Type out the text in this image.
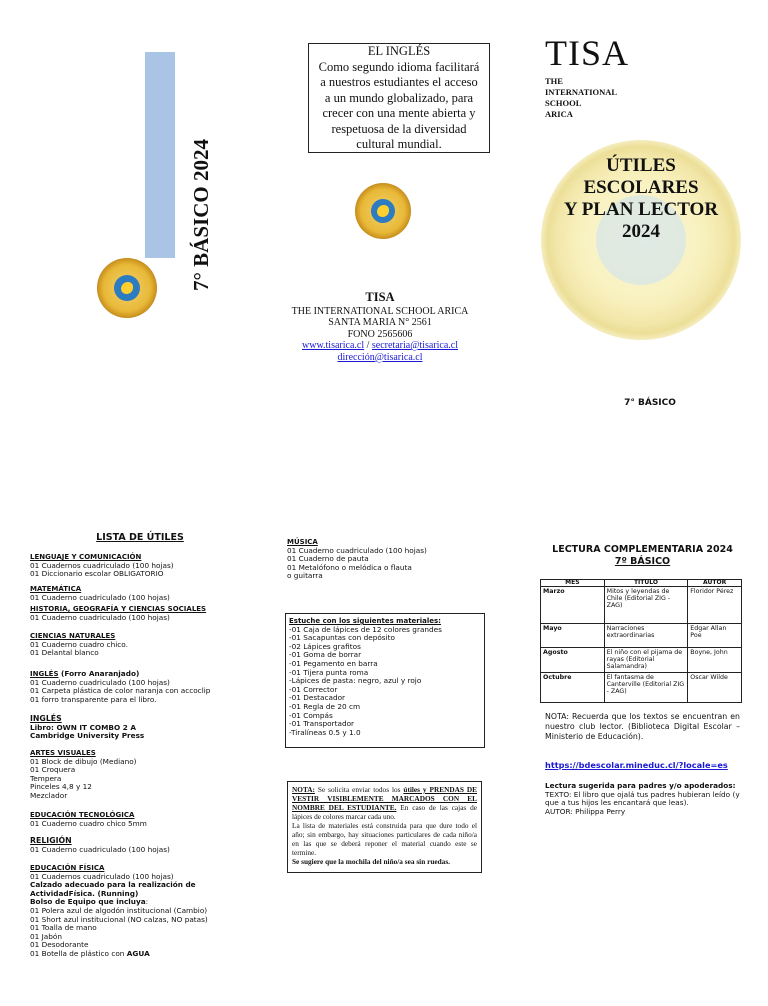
7° BÁSICO 2024
EL INGLÉS
Como segundo idioma facilitará
a nuestros estudiantes el acceso
a un mundo globalizado, para
crecer con una mente abierta y
respetuosa de la diversidad
cultural mundial.
TISA
THE INTERNATIONAL SCHOOL ARICA
SANTA MARIA N° 2561
FONO 2565606
www.tisarica.cl / secretaria@tisarica.cl
dirección@tisarica.cl
TISA
THE
INTERNATIONAL
SCHOOL
ARICA
ÚTILES
ESCOLARES
Y PLAN LECTOR
2024
7° BÁSICO
LISTA DE ÚTILES
LENGUAJE Y COMUNICACIÓN
01 Cuadernos cuadriculado (100 hojas)
01 Diccionario escolar OBLIGATORIO
MATEMÁTICA
01 Cuaderno cuadriculado (100 hojas)
HISTORIA, GEOGRAFÍA Y CIENCIAS SOCIALES
01 Cuaderno cuadriculado (100 hojas)
CIENCIAS NATURALES
01 Cuaderno cuadro chico.
01 Delantal blanco
INGLÉS (Forro Anaranjado)
01 Cuaderno cuadriculado (100 hojas)
01 Carpeta plástica de color naranja con accoclip
01 forro transparente para el libro.
INGLÉS
Libro: OWN IT COMBO 2 A
Cambridge University Press
ARTES VISUALES
01 Block de dibujo (Mediano)
01 Croquera
Tempera
Pinceles 4,8 y 12
Mezclador
EDUCACIÓN TECNOLÓGICA
01 Cuaderno cuadro chico 5mm
RELIGIÓN
01 Cuaderno cuadriculado (100 hojas)
EDUCACIÓN FÍSICA
01 Cuadernos cuadriculado (100 hojas)
Calzado adecuado para la realización de ActividadFísica. (Running)
Bolso de Equipo que incluya:
01 Polera azul de algodón institucional (Cambio)
01 Short azul institucional (NO calzas, NO patas)
01 Toalla de mano
01 Jabón
01 Desodorante
01 Botella de plástico con AGUA
MÚSICA
01 Cuaderno cuadriculado (100 hojas)
01 Cuaderno de pauta
01 Metalófono o melódica o flauta
o guitarra
Estuche con los siguientes materiales:
-01 Caja de lápices de 12 colores grandes
-01 Sacapuntas con depósito
-02 Lápices grafitos
-01 Goma de borrar
-01 Pegamento en barra
-01 Tijera punta roma
-Lápices de pasta: negro, azul y rojo
-01 Corrector
-01 Destacador
-01 Regla de 20 cm
-01 Compás
-01 Transportador
-Tiralíneas 0.5 y 1.0
NOTA: Se solicita enviar todos los útiles y PRENDAS DE VESTIR VISIBLEMENTE MARCADOS CON EL NOMBRE DEL ESTUDIANTE. En caso de las cajas de lápices de colores marcar cada uno.
La lista de materiales está construida para que dure todo el año; sin embargo, hay situaciones particulares de cada niño/a en las que se deberá reponer el material cuando este se termine.
Se sugiere que la mochila del niño/a sea sin ruedas.
LECTURA COMPLEMENTARIA 2024
7º BÁSICO
MES	TITULO	AUTOR
Marzo	Mitos y leyendas de Chile (Editorial ZIG - ZAG)	Floridor Pérez
Mayo	Narraciones extraordinarias	Edgar Allan Poe
Agosto	El niño con el pijama de rayas (Editorial Salamandra)	Boyne, John
Octubre	El fantasma de Canterville (Editorial ZIG - ZAG)	Oscar Wilde
NOTA: Recuerda que los textos se encuentran en nuestro club lector. (Biblioteca Digital Escolar – Ministerio de Educación).
https://bdescolar.mineduc.cl/?locale=es
Lectura sugerida para padres y/o apoderados:
TEXTO: El libro que ojalá tus padres hubieran leído (y que a tus hijos les encantará que leas).
AUTOR: Philippa Perry
